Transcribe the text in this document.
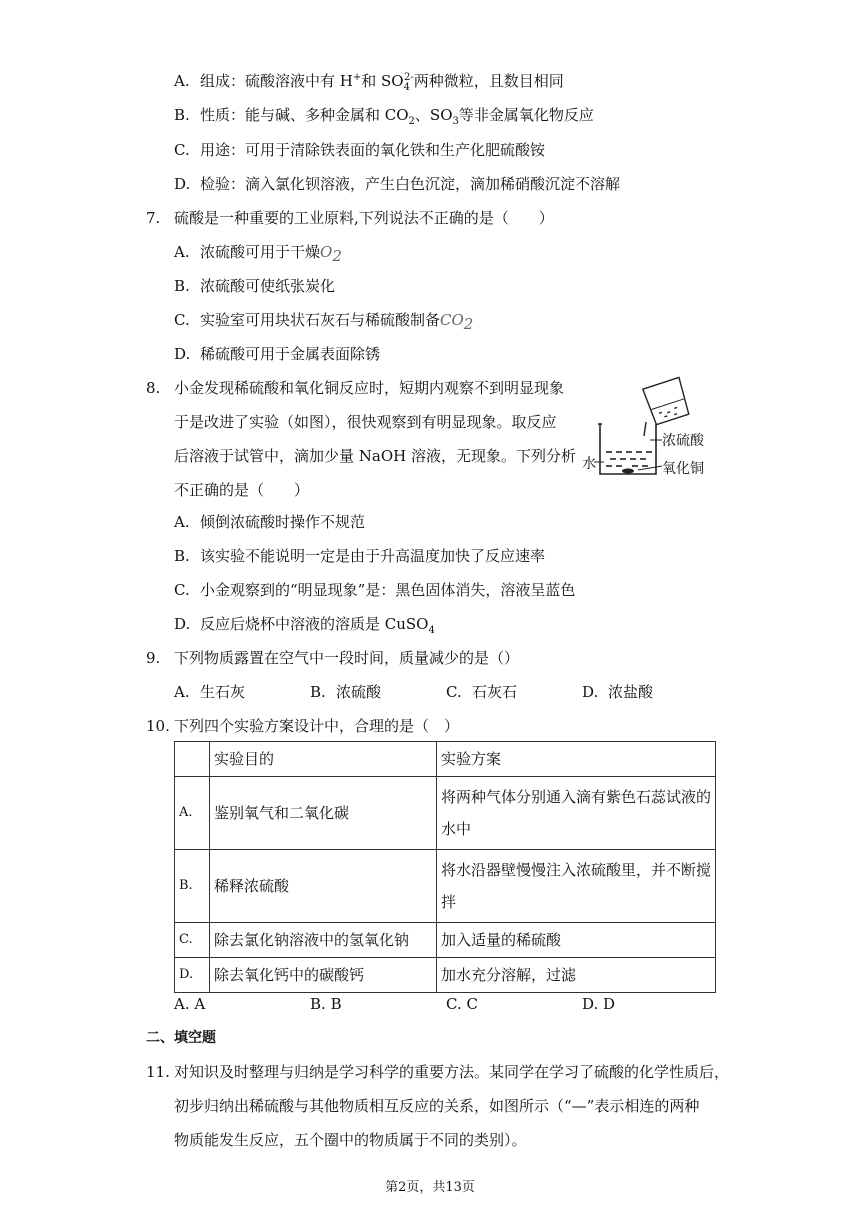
A. 组成：硫酸溶液中有 H+和 $SO_4^{2-}$两种微粒，且数目相同
B. 性质：能与碱、多种金属和 $CO_2$、$SO_3$等非金属氧化物反应
C. 用途：可用于清除铁表面的氧化铁和生产化肥硫酸铵
D. 检验：滴入氯化钡溶液，产生白色沉淀，滴加稀硝酸沉淀不溶解
7. 硫酸是一种重要的工业原料,下列说法不正确的是（　　）
A. 浓硫酸可用于干燥$O_2$
B. 浓硫酸可使纸张炭化
C. 实验室可用块状石灰石与稀硫酸制备$CO_2$
D. 稀硫酸可用于金属表面除锈
8. 小金发现稀硫酸和氧化铜反应时，短期内观察不到明显现象
于是改进了实验（如图），很快观察到有明显现象。取反应
后溶液于试管中，滴加少量 NaOH 溶液，无现象。下列分析
不正确的是（　　）
浓硫酸
水	氧化铜
A. 倾倒浓硫酸时操作不规范
B. 该实验不能说明一定是由于升高温度加快了反应速率
C. 小金观察到的“明显现象”是：黑色固体消失，溶液呈蓝色
D. 反应后烧杯中溶液的溶质是 CuSO$_4$
9. 下列物质露置在空气中一段时间，质量减少的是（）
A. 生石灰	B. 浓硫酸	C. 石灰石	D. 浓盐酸
10. 下列四个实验方案设计中，合理的是（　）
	实验目的	实验方案
A.	鉴别氧气和二氧化碳	将两种气体分别通入滴有紫色石蕊试液的水中
B.	稀释浓硫酸	将水沿器壁慢慢注入浓硫酸里，并不断搅拌
C.	除去氯化钠溶液中的氢氧化钠	加入适量的稀硫酸
D.	除去氧化钙中的碳酸钙	加水充分溶解，过滤
A. A	B. B	C. C	D. D
二、填空题
11. 对知识及时整理与归纳是学习科学的重要方法。某同学在学习了硫酸的化学性质后，
初步归纳出稀硫酸与其他物质相互反应的关系，如图所示（“—”表示相连的两种
物质能发生反应，五个圈中的物质属于不同的类别）。
第2页，共13页
